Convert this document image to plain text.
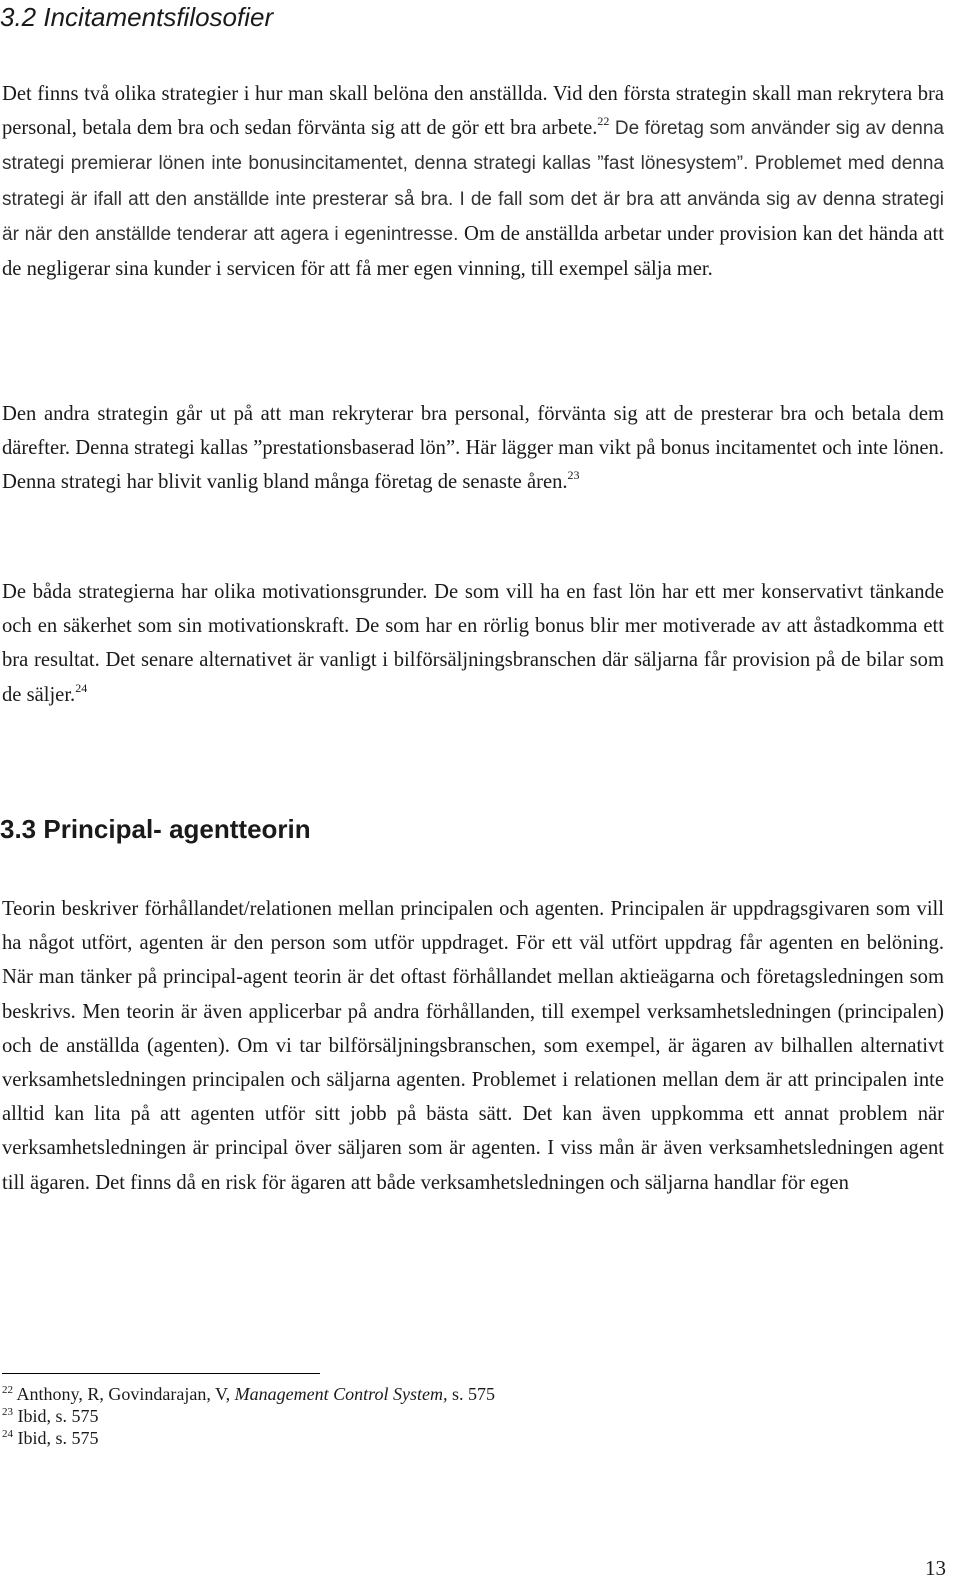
3.2 Incitamentsfilosofier

Det finns två olika strategier i hur man skall belöna den anställda. Vid den första strategin skall man rekrytera bra personal, betala dem bra och sedan förvänta sig att de gör ett bra arbete.$^{22}$ De företag som använder sig av denna strategi premierar lönen inte bonusincitamentet, denna strategi kallas ”fast lönesystem”. Problemet med denna strategi är ifall att den anställde inte presterar så bra. I de fall som det är bra att använda sig av denna strategi är när den anställde tenderar att agera i egenintresse. Om de anställda arbetar under provision kan det hända att de negligerar sina kunder i servicen för att få mer egen vinning, till exempel sälja mer.

Den andra strategin går ut på att man rekryterar bra personal, förvänta sig att de presterar bra och betala dem därefter. Denna strategi kallas ”prestationsbaserad lön”. Här lägger man vikt på bonus incitamentet och inte lönen. Denna strategi har blivit vanlig bland många företag de senaste åren.$^{23}$

De båda strategierna har olika motivationsgrunder. De som vill ha en fast lön har ett mer konservativt tänkande och en säkerhet som sin motivationskraft. De som har en rörlig bonus blir mer motiverade av att åstadkomma ett bra resultat. Det senare alternativet är vanligt i bilförsäljningsbranschen där säljarna får provision på de bilar som de säljer.$^{24}$

3.3 Principal- agentteorin

Teorin beskriver förhållandet/relationen mellan principalen och agenten. Principalen är uppdragsgivaren som vill ha något utfört, agenten är den person som utför uppdraget. För ett väl utfört uppdrag får agenten en belöning. När man tänker på principal-agent teorin är det oftast förhållandet mellan aktieägarna och företagsledningen som beskrivs. Men teorin är även applicerbar på andra förhållanden, till exempel verksamhetsledningen (principalen) och de anställda (agenten). Om vi tar bilförsäljningsbranschen, som exempel, är ägaren av bilhallen alternativt verksamhetsledningen principalen och säljarna agenten. Problemet i relationen mellan dem är att principalen inte alltid kan lita på att agenten utför sitt jobb på bästa sätt. Det kan även uppkomma ett annat problem när verksamhetsledningen är principal över säljaren som är agenten. I viss mån är även verksamhetsledningen agent till ägaren. Det finns då en risk för ägaren att både verksamhetsledningen och säljarna handlar för egen

$^{22}$ Anthony, R, Govindarajan, V, Management Control System, s. 575
$^{23}$ Ibid, s. 575
$^{24}$ Ibid, s. 575
13
